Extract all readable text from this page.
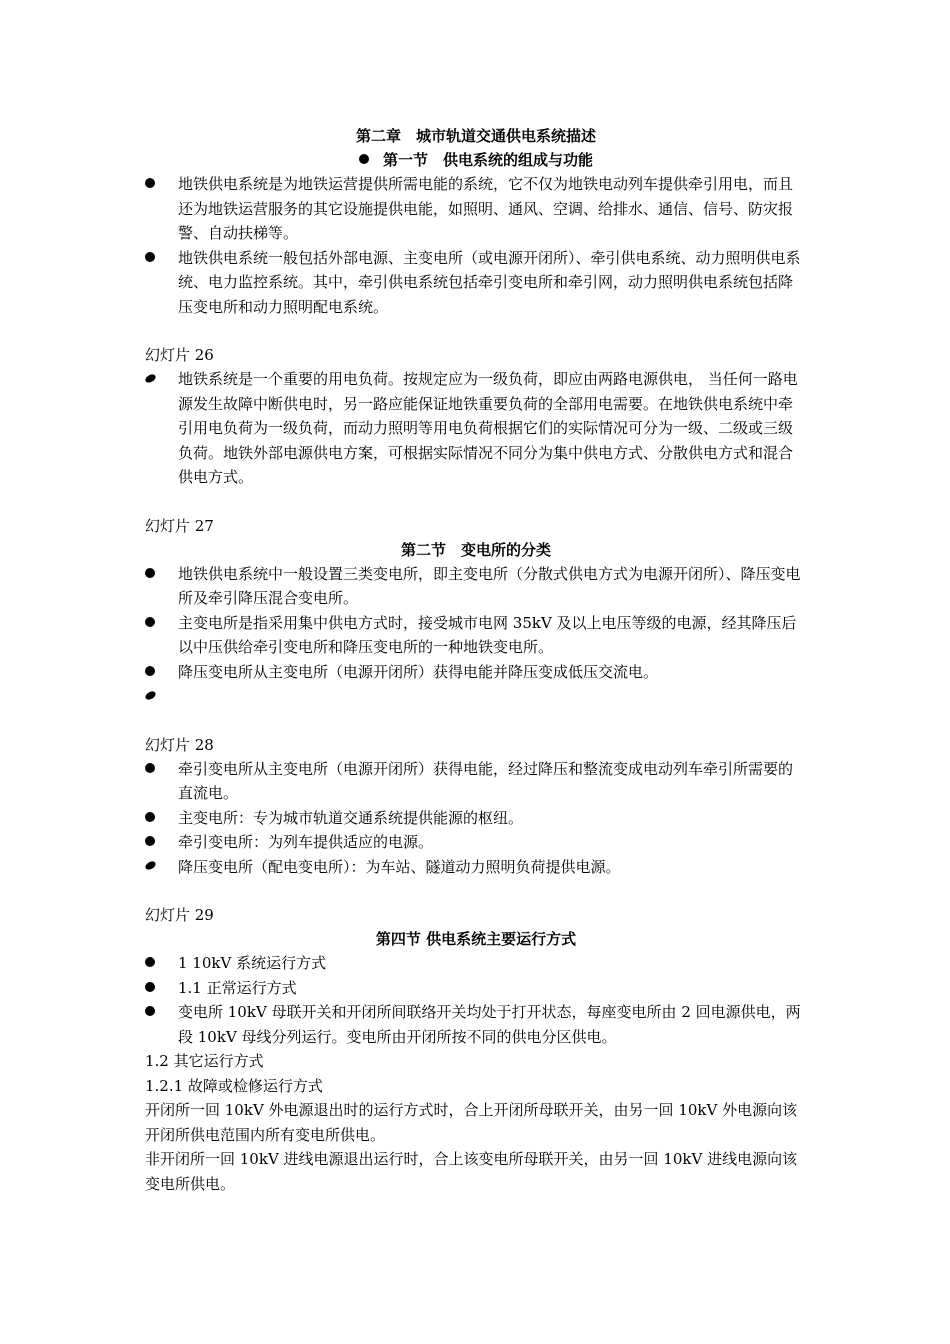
第二章　城市轨道交通供电系统描述
第一节　供电系统的组成与功能

地铁供电系统是为地铁运营提供所需电能的系统，它不仅为地铁电动列车提供牵引用电，而且还为地铁运营服务的其它设施提供电能，如照明、通风、空调、给排水、通信、信号、防灾报警、自动扶梯等。

地铁供电系统一般包括外部电源、主变电所（或电源开闭所）、牵引供电系统、动力照明供电系统、电力监控系统。其中，牵引供电系统包括牵引变电所和牵引网，动力照明供电系统包括降压变电所和动力照明配电系统。

幻灯片 26

地铁系统是一个重要的用电负荷。按规定应为一级负荷，即应由两路电源供电， 当任何一路电源发生故障中断供电时，另一路应能保证地铁重要负荷的全部用电需要。在地铁供电系统中牵引用电负荷为一级负荷，而动力照明等用电负荷根据它们的实际情况可分为一级、二级或三级负荷。地铁外部电源供电方案，可根据实际情况不同分为集中供电方式、分散供电方式和混合供电方式。

幻灯片 27
第二节　变电所的分类

地铁供电系统中一般设置三类变电所，即主变电所（分散式供电方式为电源开闭所）、降压变电所及牵引降压混合变电所。

主变电所是指采用集中供电方式时，接受城市电网 35kV 及以上电压等级的电源，经其降压后以中压供给牵引变电所和降压变电所的一种地铁变电所。

降压变电所从主变电所（电源开闭所）获得电能并降压变成低压交流电。

幻灯片 28

牵引变电所从主变电所（电源开闭所）获得电能，经过降压和整流变成电动列车牵引所需要的直流电。

主变电所：专为城市轨道交通系统提供能源的枢纽。

牵引变电所：为列车提供适应的电源。

降压变电所（配电变电所）：为车站、隧道动力照明负荷提供电源。

幻灯片 29
第四节 供电系统主要运行方式

1 10kV 系统运行方式

1.1 正常运行方式

变电所 10kV 母联开关和开闭所间联络开关均处于打开状态，每座变电所由 2 回电源供电，两段 10kV 母线分列运行。变电所由开闭所按不同的供电分区供电。

1.2 其它运行方式

1.2.1 故障或检修运行方式

开闭所一回 10kV 外电源退出时的运行方式时，合上开闭所母联开关，由另一回 10kV 外电源向该开闭所供电范围内所有变电所供电。

非开闭所一回 10kV 进线电源退出运行时，合上该变电所母联开关，由另一回 10kV 进线电源向该变电所供电。
